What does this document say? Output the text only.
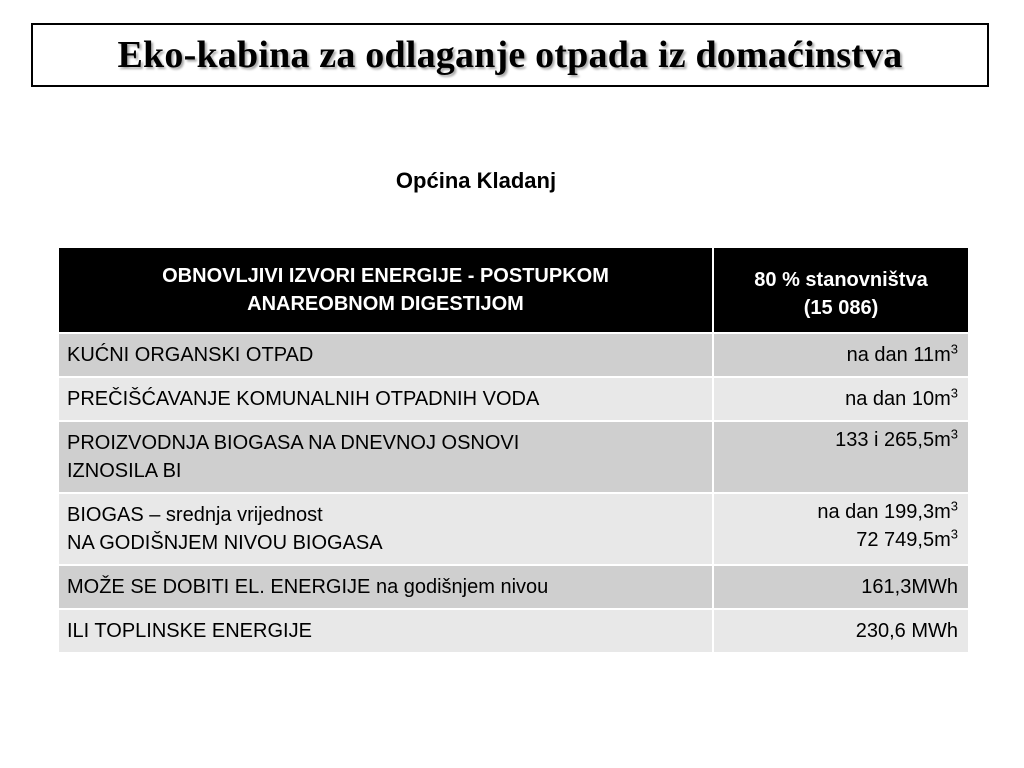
Eko-kabina za odlaganje otpada iz domaćinstva
Općina Kladanj
OBNOVLJIVI IZVORI ENERGIJE - POSTUPKOM
ANAREOBNOM DIGESTIJOM	80 % stanovništva
(15 086)

KUĆNI ORGANSKI OTPAD	na dan $11m^3$
PREČIŠĆAVANJE KOMUNALNIH OTPADNIH VODA	na dan $10m^3$

PROIZVODNJA BIOGASA NA DNEVNOJ OSNOVI
IZNOSILA BI	133 i $265,5m^3$

BIOGAS – srednja vrijednost
NA GODIŠNJEM NIVOU BIOGASA	na dan $199,3m^3$
72 $749,5m^3$

MOŽE SE DOBITI EL. ENERGIJE na godišnjem nivou	161,3MWh
ILI TOPLINSKE ENERGIJE	230,6 MWh
